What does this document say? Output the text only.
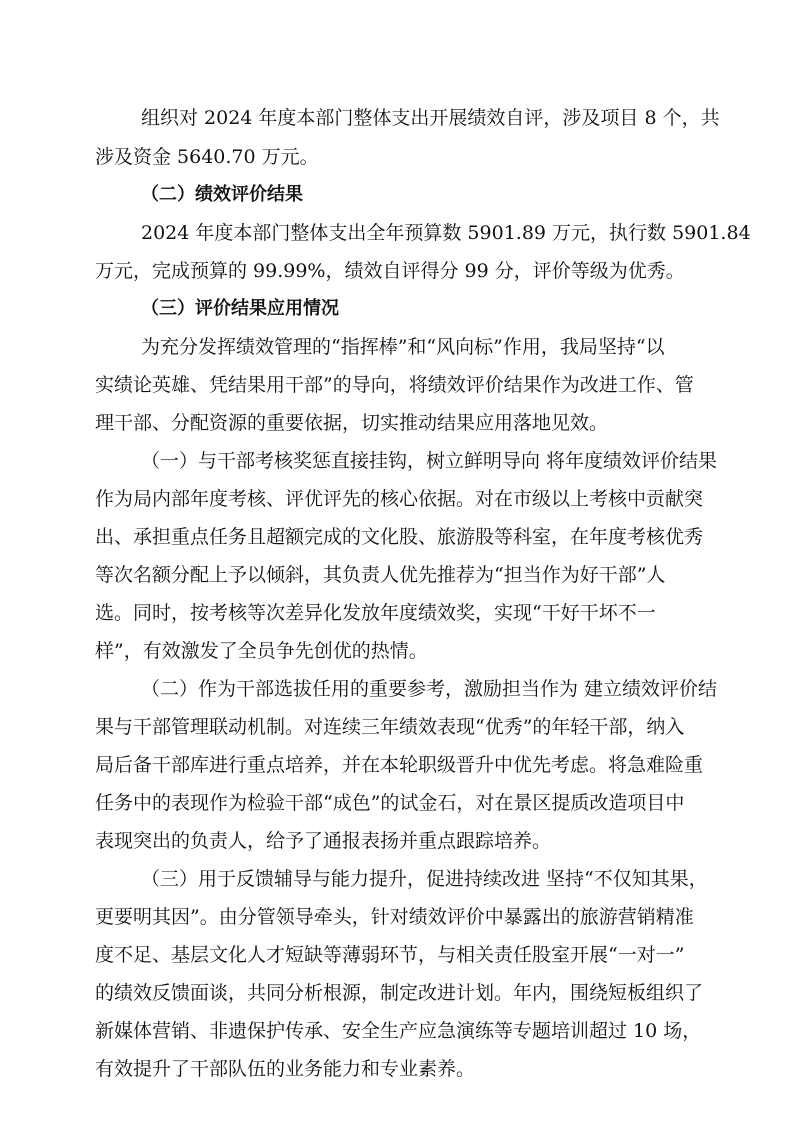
组织对 2024 年度本部门整体支出开展绩效自评，涉及项目 8 个，共
涉及资金 5640.70 万元。
（二）绩效评价结果
2024 年度本部门整体支出全年预算数 5901.89 万元，执行数 5901.84
万元，完成预算的 99.99%，绩效自评得分 99 分，评价等级为优秀。
（三）评价结果应用情况
为充分发挥绩效管理的“指挥棒”和“风向标”作用，我局坚持“以
实绩论英雄、凭结果用干部”的导向，将绩效评价结果作为改进工作、管
理干部、分配资源的重要依据，切实推动结果应用落地见效。
（一）与干部考核奖惩直接挂钩，树立鲜明导向 将年度绩效评价结果
作为局内部年度考核、评优评先的核心依据。对在市级以上考核中贡献突
出、承担重点任务且超额完成的文化股、旅游股等科室，在年度考核优秀
等次名额分配上予以倾斜，其负责人优先推荐为“担当作为好干部”人
选。同时，按考核等次差异化发放年度绩效奖，实现“干好干坏不一
样”，有效激发了全员争先创优的热情。
（二）作为干部选拔任用的重要参考，激励担当作为 建立绩效评价结
果与干部管理联动机制。对连续三年绩效表现“优秀”的年轻干部，纳入
局后备干部库进行重点培养，并在本轮职级晋升中优先考虑。将急难险重
任务中的表现作为检验干部“成色”的试金石，对在景区提质改造项目中
表现突出的负责人，给予了通报表扬并重点跟踪培养。
（三）用于反馈辅导与能力提升，促进持续改进 坚持“不仅知其果，
更要明其因”。由分管领导牵头，针对绩效评价中暴露出的旅游营销精准
度不足、基层文化人才短缺等薄弱环节，与相关责任股室开展“一对一”
的绩效反馈面谈，共同分析根源，制定改进计划。年内，围绕短板组织了
新媒体营销、非遗保护传承、安全生产应急演练等专题培训超过 10 场，
有效提升了干部队伍的业务能力和专业素养。
